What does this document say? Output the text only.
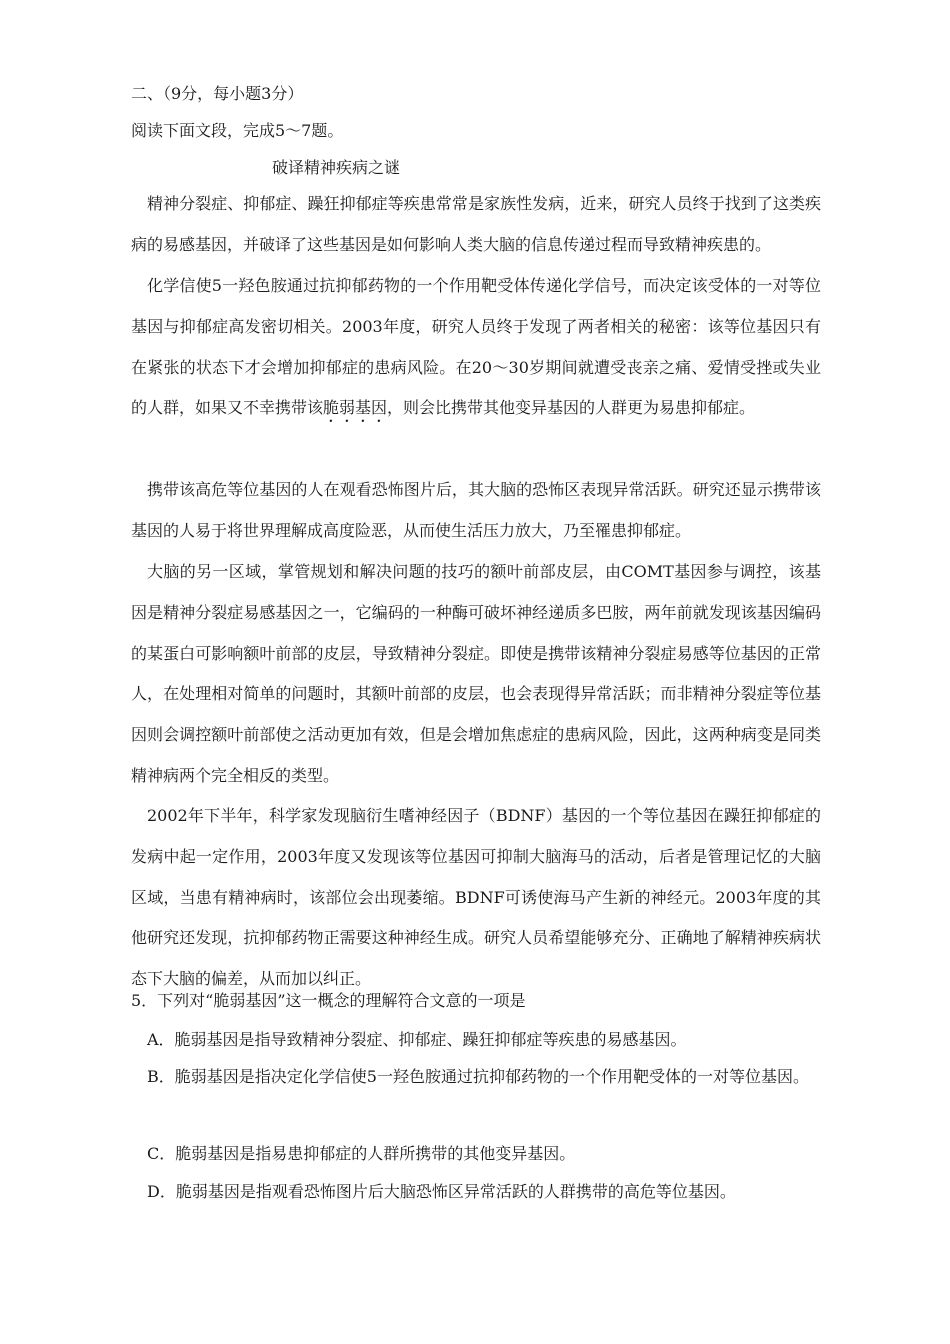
二、（9分，每小题3分）
阅读下面文段，完成5～7题。
破译精神疾病之谜

精神分裂症、抑郁症、躁狂抑郁症等疾患常常是家族性发病，近来，研究人员终于找到了这类疾病的易感基因，并破译了这些基因是如何影响人类大脑的信息传递过程而导致精神疾患的。

化学信使5一羟色胺通过抗抑郁药物的一个作用靶受体传递化学信号，而决定该受体的一对等位基因与抑郁症高发密切相关。2003年度，研究人员终于发现了两者相关的秘密：该等位基因只有在紧张的状态下才会增加抑郁症的患病风险。在20～30岁期间就遭受丧亲之痛、爱情受挫或失业的人群，如果又不幸携带该脆弱基因，则会比携带其他变异基因的人群更为易患抑郁症。

携带该高危等位基因的人在观看恐怖图片后，其大脑的恐怖区表现异常活跃。研究还显示携带该基因的人易于将世界理解成高度险恶，从而使生活压力放大，乃至罹患抑郁症。

大脑的另一区域，掌管规划和解决问题的技巧的额叶前部皮层，由COMT基因参与调控，该基因是精神分裂症易感基因之一，它编码的一种酶可破坏神经递质多巴胺，两年前就发现该基因编码的某蛋白可影响额叶前部的皮层，导致精神分裂症。即使是携带该精神分裂症易感等位基因的正常人，在处理相对简单的问题时，其额叶前部的皮层，也会表现得异常活跃；而非精神分裂症等位基因则会调控额叶前部使之活动更加有效，但是会增加焦虑症的患病风险，因此，这两种病变是同类精神病两个完全相反的类型。

2002年下半年，科学家发现脑衍生嗜神经因子（BDNF）基因的一个等位基因在躁狂抑郁症的发病中起一定作用，2003年度又发现该等位基因可抑制大脑海马的活动，后者是管理记忆的大脑区域，当患有精神病时，该部位会出现萎缩。BDNF可诱使海马产生新的神经元。2003年度的其他研究还发现，抗抑郁药物正需要这种神经生成。研究人员希望能够充分、正确地了解精神疾病状态下大脑的偏差，从而加以纠正。

5．下列对“脆弱基因”这一概念的理解符合文意的一项是

A．脆弱基因是指导致精神分裂症、抑郁症、躁狂抑郁症等疾患的易感基因。

B．脆弱基因是指决定化学信使5一羟色胺通过抗抑郁药物的一个作用靶受体的一对等位基因。

C．脆弱基因是指易患抑郁症的人群所携带的其他变异基因。

D．脆弱基因是指观看恐怖图片后大脑恐怖区异常活跃的人群携带的高危等位基因。
